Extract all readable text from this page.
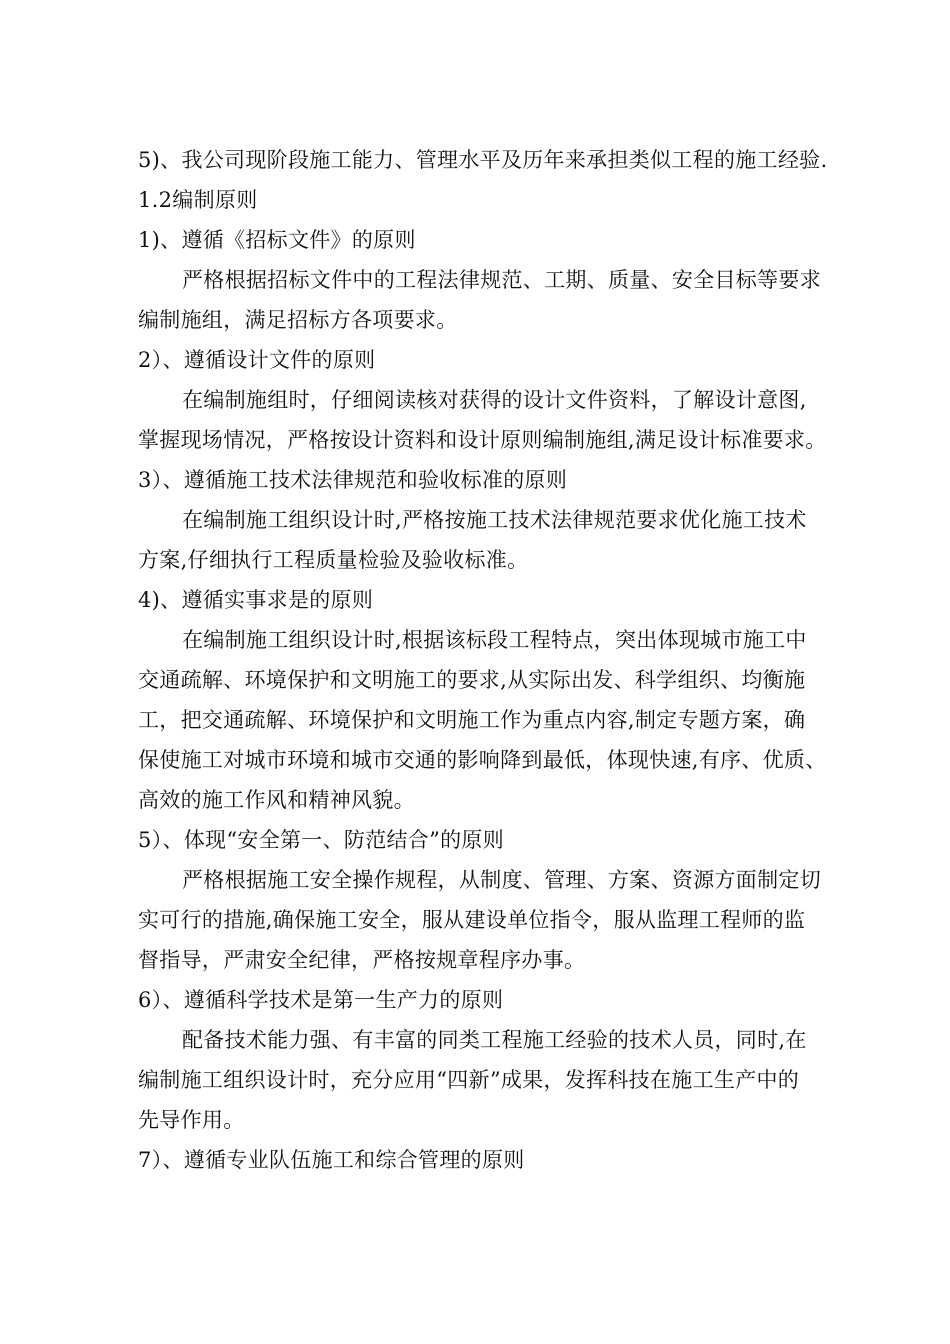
5)、我公司现阶段施工能力、管理水平及历年来承担类似工程的施工经验.
1.2编制原则
1)、遵循《招标文件》的原则
严格根据招标文件中的工程法律规范、工期、质量、安全目标等要求
编制施组，满足招标方各项要求。
2）、遵循设计文件的原则
在编制施组时，仔细阅读核对获得的设计文件资料，了解设计意图,
掌握现场情况，严格按设计资料和设计原则编制施组,满足设计标准要求。
3）、遵循施工技术法律规范和验收标准的原则
在编制施工组织设计时,严格按施工技术法律规范要求优化施工技术
方案,仔细执行工程质量检验及验收标准。
4)、遵循实事求是的原则
在编制施工组织设计时,根据该标段工程特点，突出体现城市施工中
交通疏解、环境保护和文明施工的要求,从实际出发、科学组织、均衡施
工，把交通疏解、环境保护和文明施工作为重点内容,制定专题方案，确
保使施工对城市环境和城市交通的影响降到最低，体现快速,有序、优质、
高效的施工作风和精神风貌。
5）、体现“安全第一、防范结合”的原则
严格根据施工安全操作规程，从制度、管理、方案、资源方面制定切
实可行的措施,确保施工安全，服从建设单位指令，服从监理工程师的监
督指导，严肃安全纪律，严格按规章程序办事。
6）、遵循科学技术是第一生产力的原则
配备技术能力强、有丰富的同类工程施工经验的技术人员，同时,在
编制施工组织设计时，充分应用“四新”成果，发挥科技在施工生产中的
先导作用。
7）、遵循专业队伍施工和综合管理的原则
